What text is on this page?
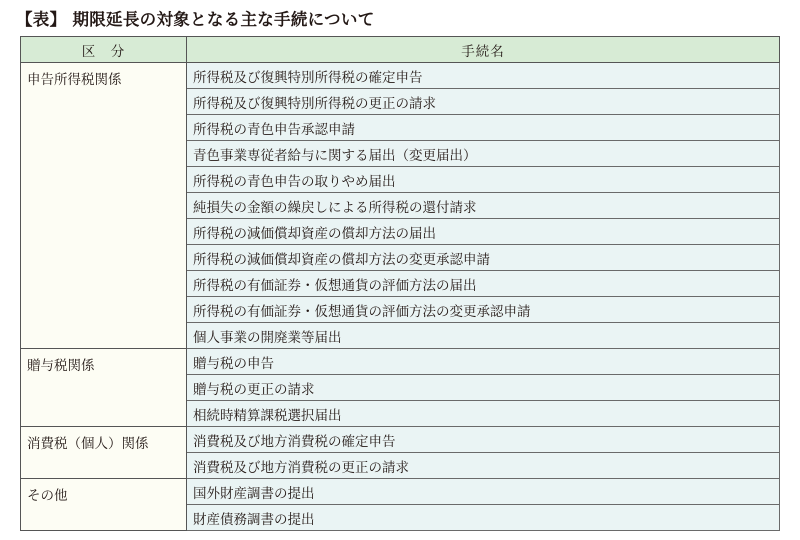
【表】 期限延長の対象となる主な手続について
区　分	手続名
申告所得税関係	所得税及び復興特別所得税の確定申告
	所得税及び復興特別所得税の更正の請求
	所得税の青色申告承認申請
	青色事業専従者給与に関する届出（変更届出）
	所得税の青色申告の取りやめ届出
	純損失の金額の繰戻しによる所得税の還付請求
	所得税の減価償却資産の償却方法の届出
	所得税の減価償却資産の償却方法の変更承認申請
	所得税の有価証券・仮想通貨の評価方法の届出
	所得税の有価証券・仮想通貨の評価方法の変更承認申請
	個人事業の開廃業等届出
贈与税関係	贈与税の申告
	贈与税の更正の請求
	相続時精算課税選択届出
消費税（個人）関係	消費税及び地方消費税の確定申告
	消費税及び地方消費税の更正の請求
その他	国外財産調書の提出
	財産債務調書の提出
